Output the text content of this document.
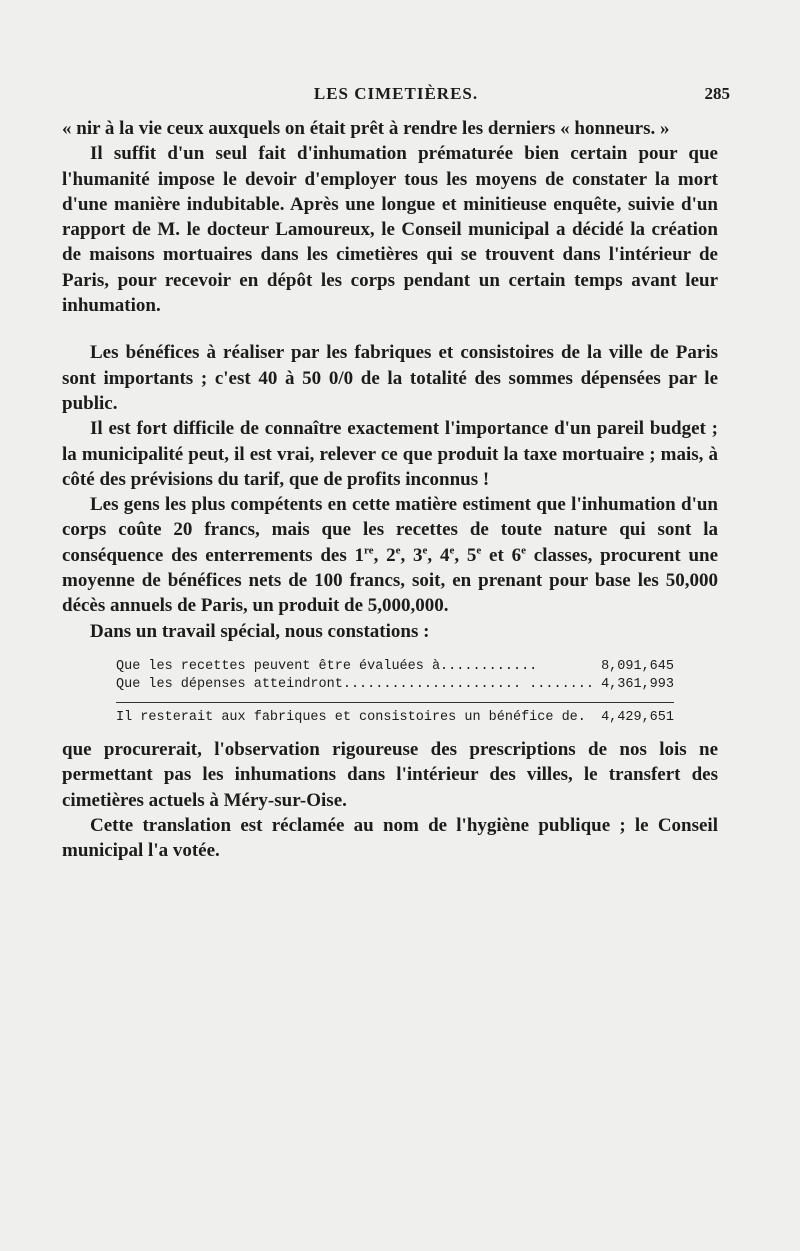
LES CIMETIÈRES.	285

« nir à la vie ceux auxquels on était prêt à rendre les derniers « honneurs. »

Il suffit d'un seul fait d'inhumation prématurée bien certain pour que l'humanité impose le devoir d'employer tous les moyens de constater la mort d'une manière indubitable. Après une longue et minitieuse enquête, suivie d'un rapport de M. le docteur Lamoureux, le Conseil municipal a décidé la création de maisons mortuaires dans les cimetières qui se trouvent dans l'intérieur de Paris, pour recevoir en dépôt les corps pendant un certain temps avant leur inhumation.

Les bénéfices à réaliser par les fabriques et consistoires de la ville de Paris sont importants ; c'est 40 à 50 0/0 de la totalité des sommes dépensées par le public.

Il est fort difficile de connaître exactement l'importance d'un pareil budget ; la municipalité peut, il est vrai, relever ce que produit la taxe mortuaire ; mais, à côté des prévisions du tarif, que de profits inconnus !

Les gens les plus compétents en cette matière estiment que l'inhumation d'un corps coûte 20 francs, mais que les recettes de toute nature qui sont la conséquence des enterrements des 1re, 2e, 3e, 4e, 5e et 6e classes, procurent une moyenne de bénéfices nets de 100 francs, soit, en prenant pour base les 50,000 décès annuels de Paris, un produit de 5,000,000.

Dans un travail spécial, nous constations :

Que les recettes peuvent être évaluées à............	8,091,645
Que les dépenses atteindront...................... ........ 4,361,993
Il resterait aux fabriques et consistoires un bénéfice de.	4,429,651

que procurerait, l'observation rigoureuse des prescriptions de nos lois ne permettant pas les inhumations dans l'intérieur des villes, le transfert des cimetières actuels à Méry-sur-Oise.

Cette translation est réclamée au nom de l'hygiène publique ; le Conseil municipal l'a votée.
